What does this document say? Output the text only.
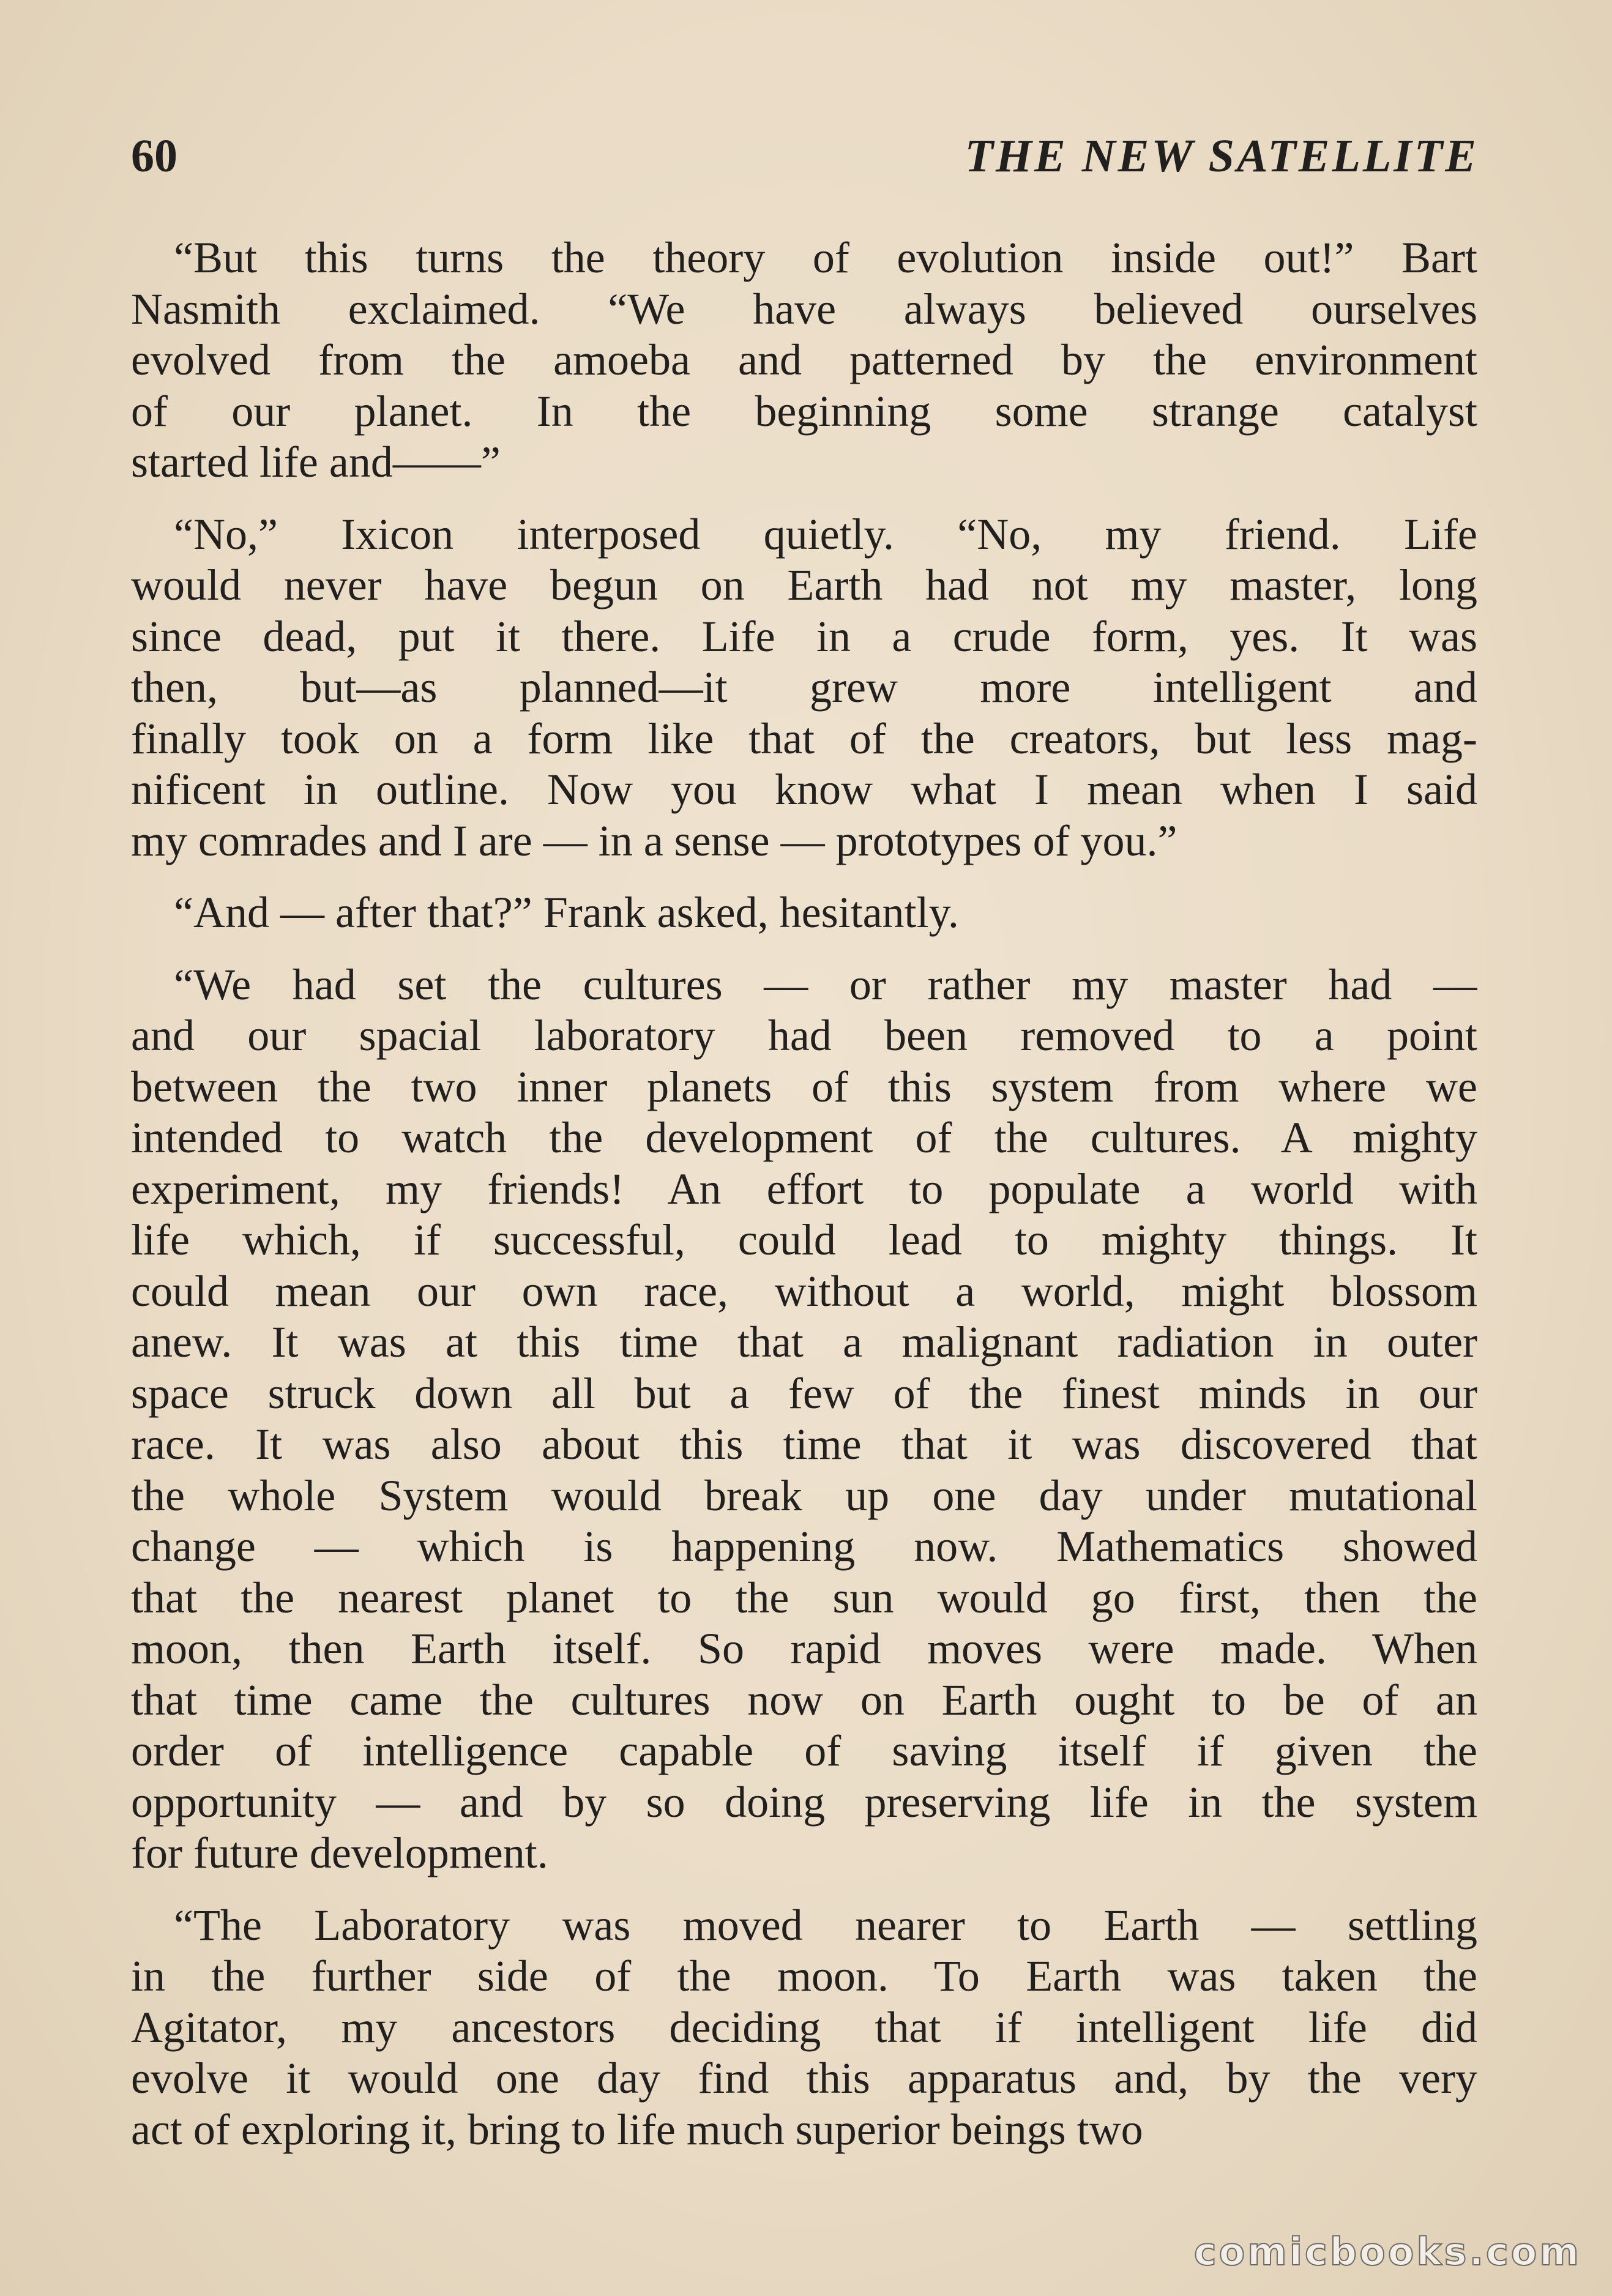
60	THE NEW SATELLITE

“But this turns the theory of evolution inside out!” Bart
Nasmith exclaimed. “We have always believed ourselves
evolved from the amoeba and patterned by the environment
of our planet. In the beginning some strange catalyst
started life and——”

“No,” Ixicon interposed quietly. “No, my friend. Life
would never have begun on Earth had not my master, long
since dead, put it there. Life in a crude form, yes. It was
then, but—as planned—it grew more intelligent and
finally took on a form like that of the creators, but less mag-
nificent in outline. Now you know what I mean when I said
my comrades and I are — in a sense — prototypes of you.”

“And — after that?” Frank asked, hesitantly.

“We had set the cultures — or rather my master had —
and our spacial laboratory had been removed to a point
between the two inner planets of this system from where we
intended to watch the development of the cultures. A mighty
experiment, my friends! An effort to populate a world with
life which, if successful, could lead to mighty things. It
could mean our own race, without a world, might blossom
anew. It was at this time that a malignant radiation in outer
space struck down all but a few of the finest minds in our
race. It was also about this time that it was discovered that
the whole System would break up one day under mutational
change — which is happening now. Mathematics showed
that the nearest planet to the sun would go first, then the
moon, then Earth itself. So rapid moves were made. When
that time came the cultures now on Earth ought to be of an
order of intelligence capable of saving itself if given the
opportunity — and by so doing preserving life in the system
for future development.

“The Laboratory was moved nearer to Earth — settling
in the further side of the moon. To Earth was taken the
Agitator, my ancestors deciding that if intelligent life did
evolve it would one day find this apparatus and, by the very
act of exploring it, bring to life much superior beings two

comicbooks.com
